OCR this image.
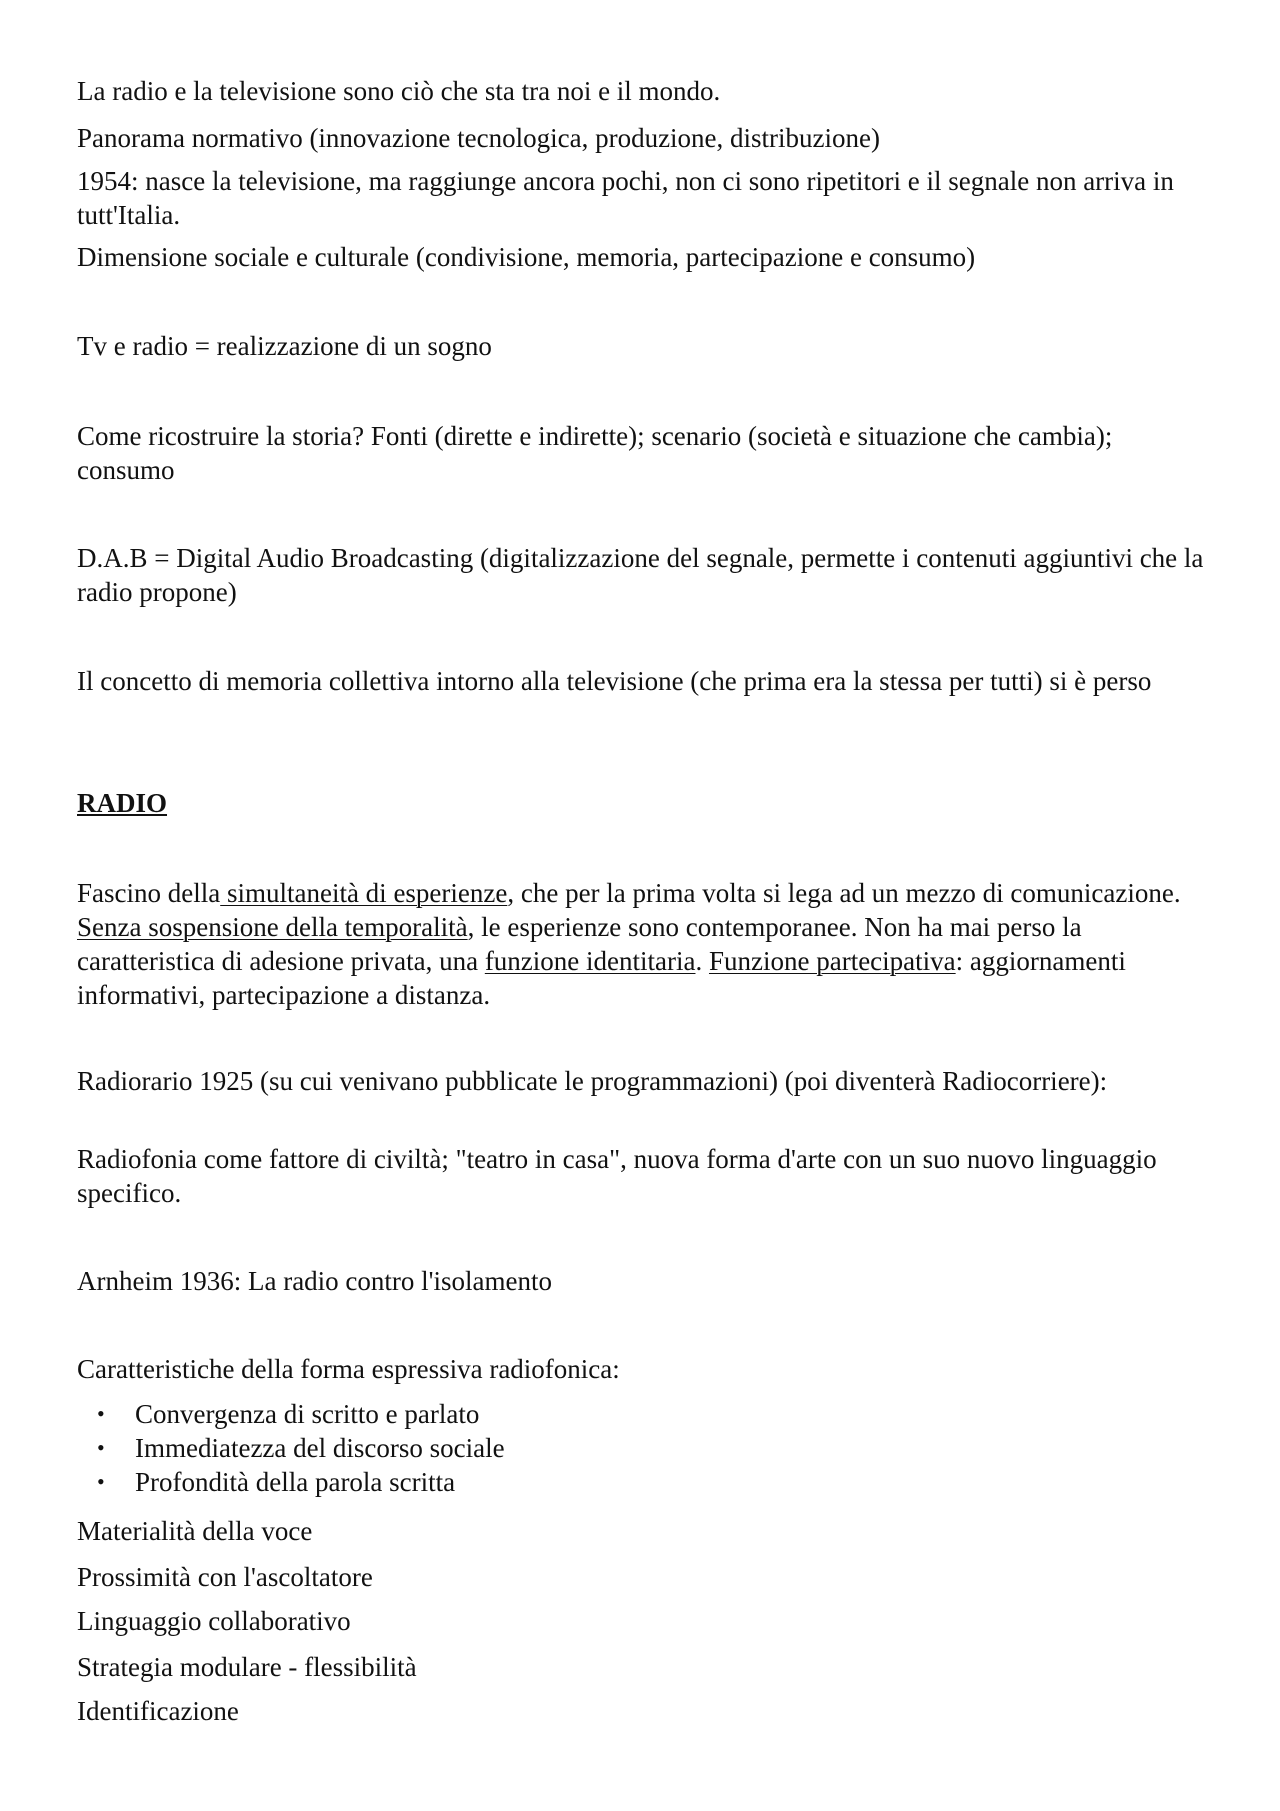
La radio e la televisione sono ciò che sta tra noi e il mondo.

Panorama normativo (innovazione tecnologica, produzione, distribuzione)

1954: nasce la televisione, ma raggiunge ancora pochi, non ci sono ripetitori e il segnale non arriva in tutt'Italia.

Dimensione sociale e culturale (condivisione, memoria, partecipazione e consumo)

Tv e radio = realizzazione di un sogno

Come ricostruire la storia? Fonti (dirette e indirette); scenario (società e situazione che cambia); consumo

D.A.B = Digital Audio Broadcasting (digitalizzazione del segnale, permette i contenuti aggiuntivi che la radio propone)

Il concetto di memoria collettiva intorno alla televisione (che prima era la stessa per tutti) si è perso

RADIO

Fascino della simultaneità di esperienze, che per la prima volta si lega ad un mezzo di comunicazione. Senza sospensione della temporalità, le esperienze sono contemporanee. Non ha mai perso la caratteristica di adesione privata, una funzione identitaria. Funzione partecipativa: aggiornamenti informativi, partecipazione a distanza.

Radiorario 1925 (su cui venivano pubblicate le programmazioni) (poi diventerà Radiocorriere):

Radiofonia come fattore di civiltà; "teatro in casa", nuova forma d'arte con un suo nuovo linguaggio specifico.

Arnheim 1936: La radio contro l'isolamento

Caratteristiche della forma espressiva radiofonica:

• Convergenza di scritto e parlato
• Immediatezza del discorso sociale
• Profondità della parola scritta

Materialità della voce

Prossimità con l'ascoltatore

Linguaggio collaborativo

Strategia modulare - flessibilità

Identificazione
